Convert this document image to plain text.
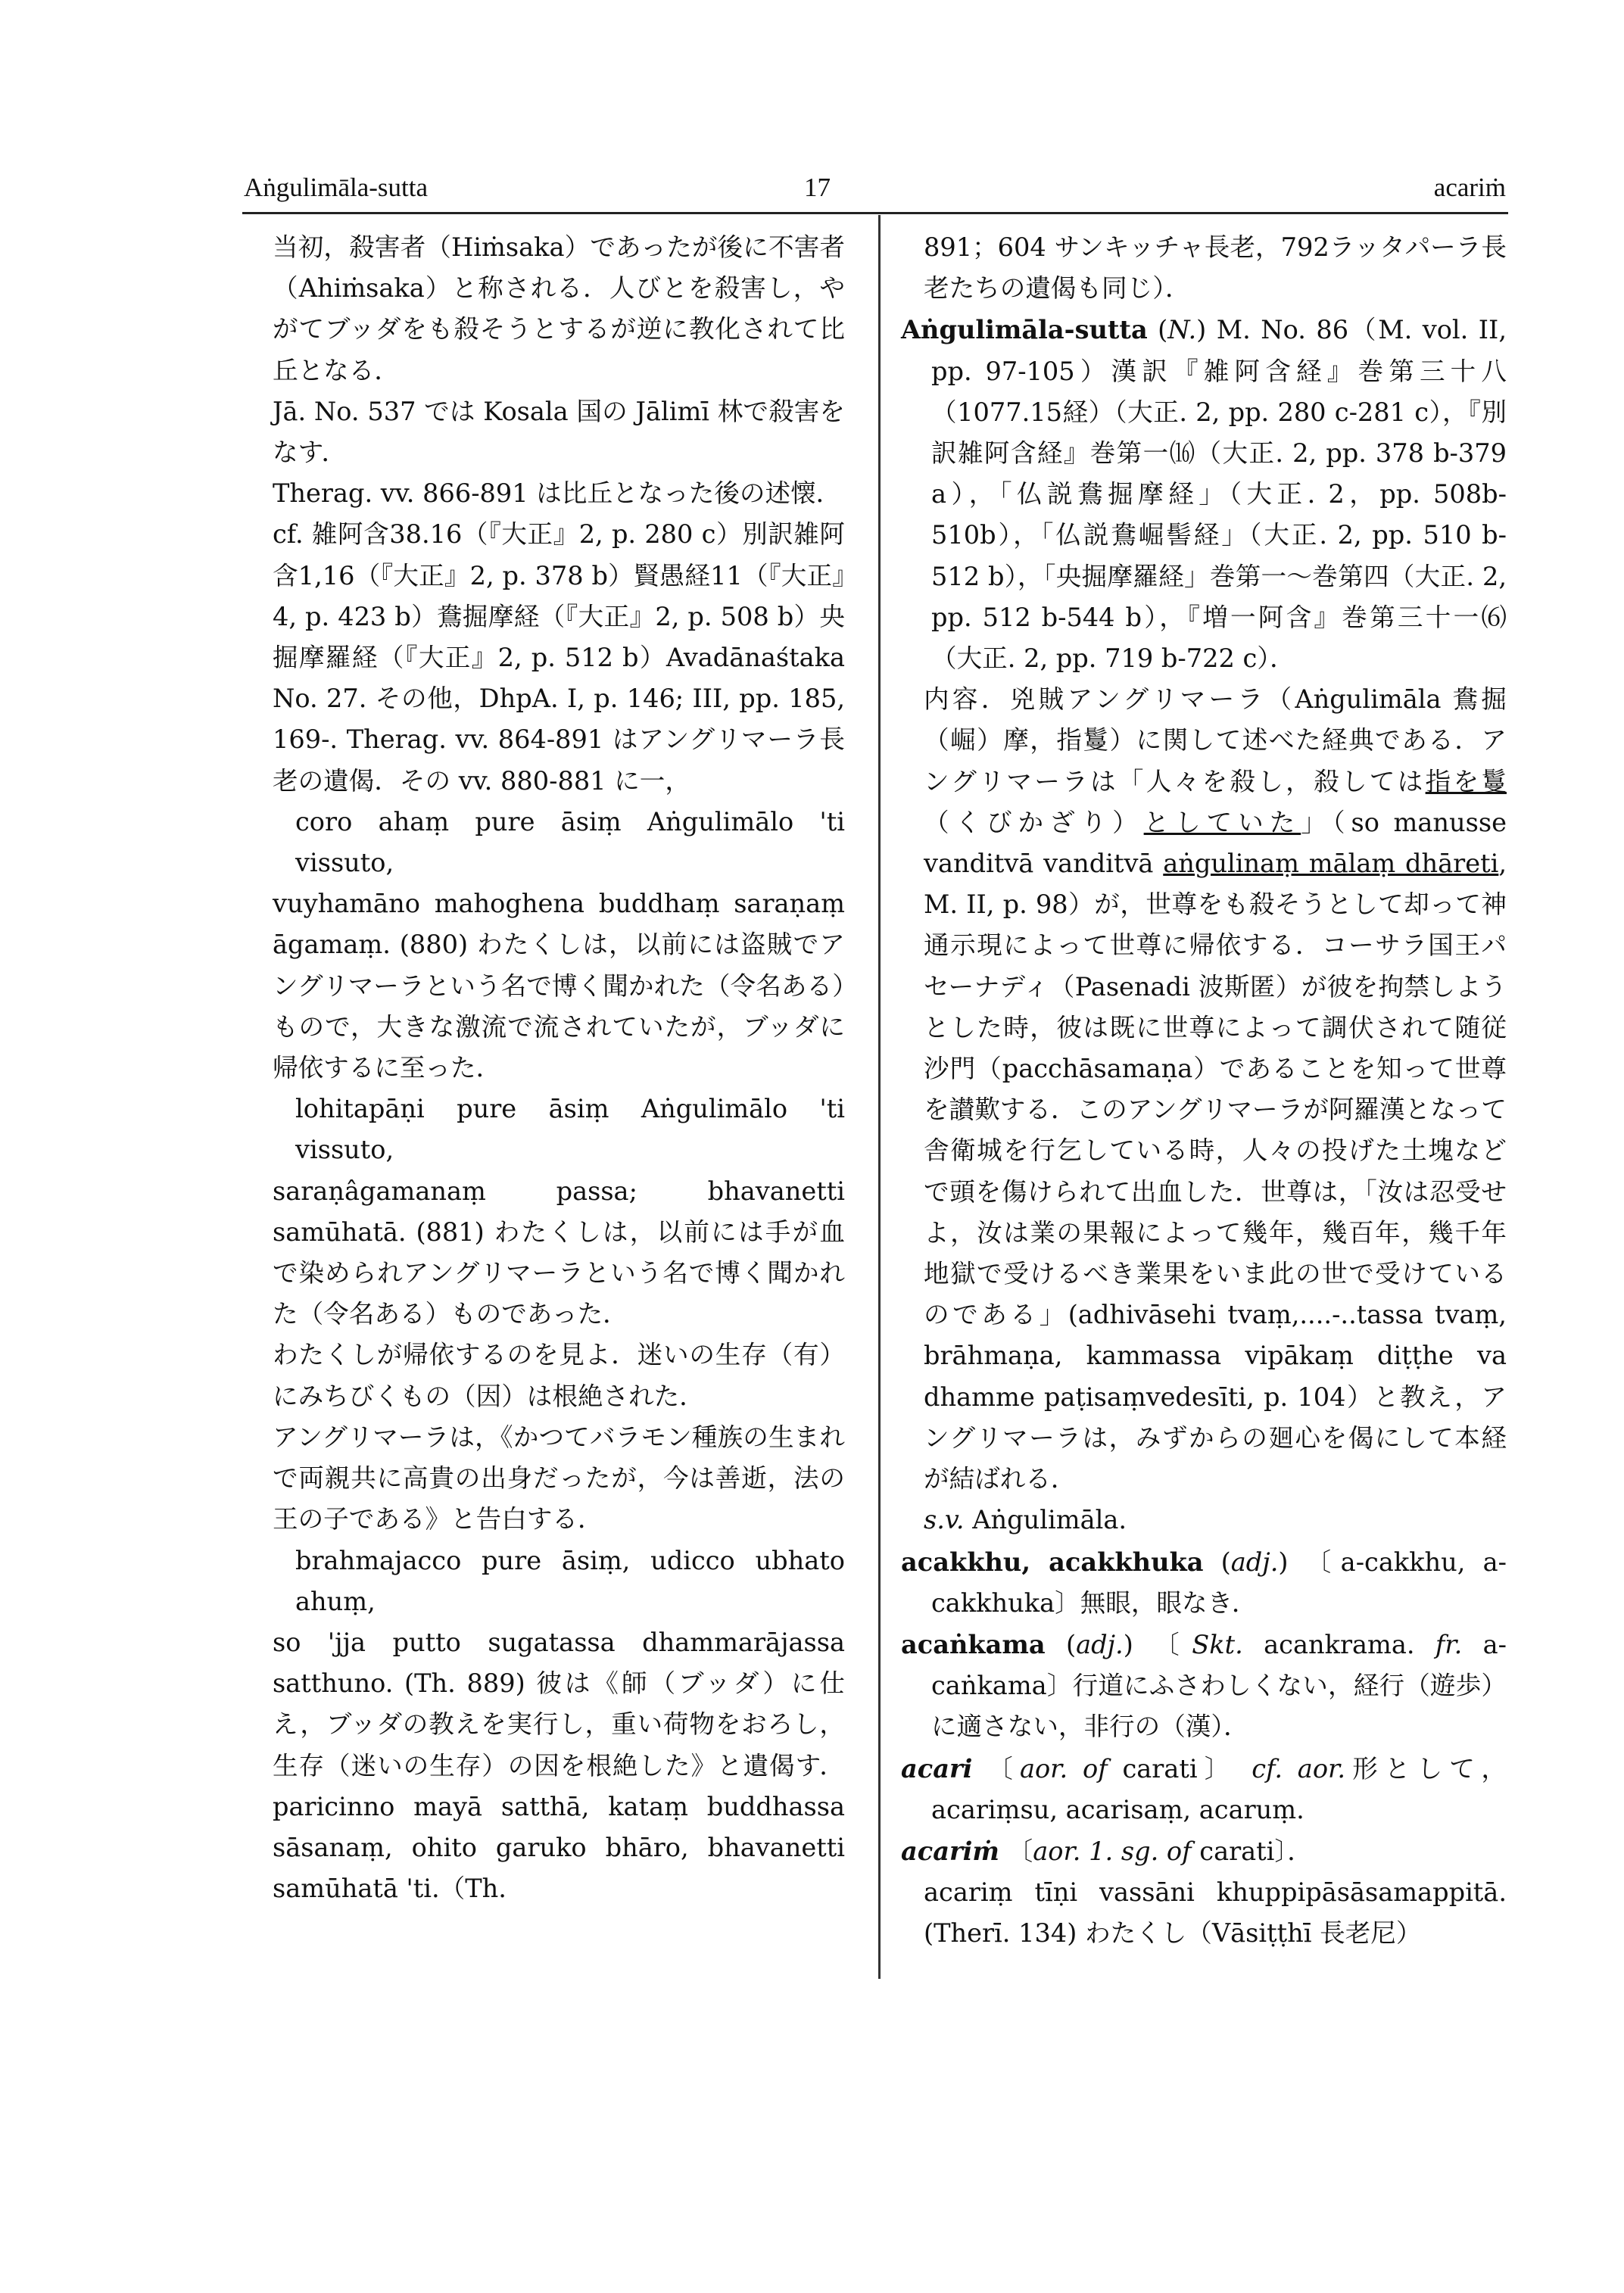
Aṅgulimāla-sutta	17	acariṁ

当初，殺害者（Hiṁsaka）であったが後に不害者（Ahiṁsaka）と称される．人びとを殺害し，やがてブッダをも殺そうとするが逆に教化されて比丘となる．

Jā. No. 537 では Kosala 国の Jālimī 林で殺害をなす．

Therag. vv. 866-891 は比丘となった後の述懐．

cf. 雑阿含38.16（『大正』2, p. 280 c）別訳雑阿含1,16（『大正』2, p. 378 b）賢愚経11（『大正』4, p. 423 b）鴦掘摩経（『大正』2, p. 508 b）央掘摩羅経（『大正』2, p. 512 b）Avadānaśtaka No. 27. その他，DhpA. I, p. 146; III, pp. 185, 169-. Therag. vv. 864-891 はアングリマーラ長老の遺偈．その vv. 880-881 に一，

coro ahaṃ pure āsiṃ Aṅgulimālo 'ti vissuto,

vuyhamāno mahoghena buddhaṃ saraṇaṃ āgamaṃ. (880) わたくしは，以前には盗賊でアングリマーラという名で博く聞かれた（令名ある）もので，大きな激流で流されていたが，ブッダに帰依するに至った．

lohitapāṇi pure āsiṃ Aṅgulimālo 'ti vissuto,

saraṇâgamanaṃ passa; bhavanetti samūhatā. (881) わたくしは，以前には手が血で染められアングリマーラという名で博く聞かれた（令名ある）ものであった．

わたくしが帰依するのを見よ．迷いの生存（有）にみちびくもの（因）は根絶された．

アングリマーラは，《かつてバラモン種族の生まれで両親共に高貴の出身だったが，今は善逝，法の王の子である》と告白する．

brahmajacco pure āsiṃ, udicco ubhato ahuṃ,

so 'jja putto sugatassa dhammarājassa satthuno. (Th. 889) 彼は《師（ブッダ）に仕え，ブッダの教えを実行し，重い荷物をおろし，生存（迷いの生存）の因を根絶した》と遺偈す．paricinno mayā satthā, kataṃ buddhassa sāsanaṃ, ohito garuko bhāro, bhavanetti samūhatā 'ti.（Th.

891；604 サンキッチャ長老，792ラッタパーラ長老たちの遺偈も同じ）．

Aṅgulimāla-sutta (N.) M. No. 86（M. vol. II, pp. 97-105）漢訳『雑阿含経』巻第三十八（1077.15経）（大正. 2, pp. 280 c-281 c），『別訳雑阿含経』巻第一⒃（大正. 2, pp. 378 b-379 a），「仏説鴦掘摩経」（大正. 2，pp. 508b-510b），「仏説鴦崛髻経」（大正. 2, pp. 510 b-512 b），「央掘摩羅経」巻第一～巻第四（大正. 2, pp. 512 b-544 b），『増一阿含』巻第三十一⑹（大正. 2, pp. 719 b-722 c）．

内容．兇賊アングリマーラ（Aṅgulimāla 鴦掘（崛）摩，指鬘）に関して述べた経典である．アングリマーラは「人々を殺し，殺しては指を鬘（くびかざり）としていた」（so manusse vanditvā vanditvā aṅgulinaṃ mālaṃ dhāreti, M. II, p. 98）が，世尊をも殺そうとして却って神通示現によって世尊に帰依する．コーサラ国王パセーナディ（Pasenadi 波斯匿）が彼を拘禁しようとした時，彼は既に世尊によって調伏されて随従沙門（pacchāsamaṇa）であることを知って世尊を讃歎する．このアングリマーラが阿羅漢となって舎衛城を行乞している時，人々の投げた土塊などで頭を傷けられて出血した．世尊は，「汝は忍受せよ，汝は業の果報によって幾年，幾百年，幾千年地獄で受けるべき業果をいま此の世で受けているのである」(adhivāsehi tvaṃ,....-..tassa tvaṃ, brāhmaṇa, kammassa vipākaṃ diṭṭhe va dhamme paṭisaṃvedesīti, p. 104）と教え，アングリマーラは，みずからの廻心を偈にして本経が結ばれる．

s.v. Aṅgulimāla.

acakkhu, acakkhuka (adj.) 〔a-cakkhu, a-cakkhuka〕無眼，眼なき．

acaṅkama (adj.) 〔Skt. acankrama. fr. a-caṅkama〕行道にふさわしくない，経行（遊歩）に適さない，非行の（漢）．

acari 〔aor. of carati〕 cf. aor.形として，acariṃsu, acarisaṃ, acaruṃ.

acariṁ 〔aor. 1. sg. of carati〕．

acariṃ tīṇi vassāni khuppipāsāsamappitā. (Therī. 134) わたくし（Vāsiṭṭhī 長老尼）
